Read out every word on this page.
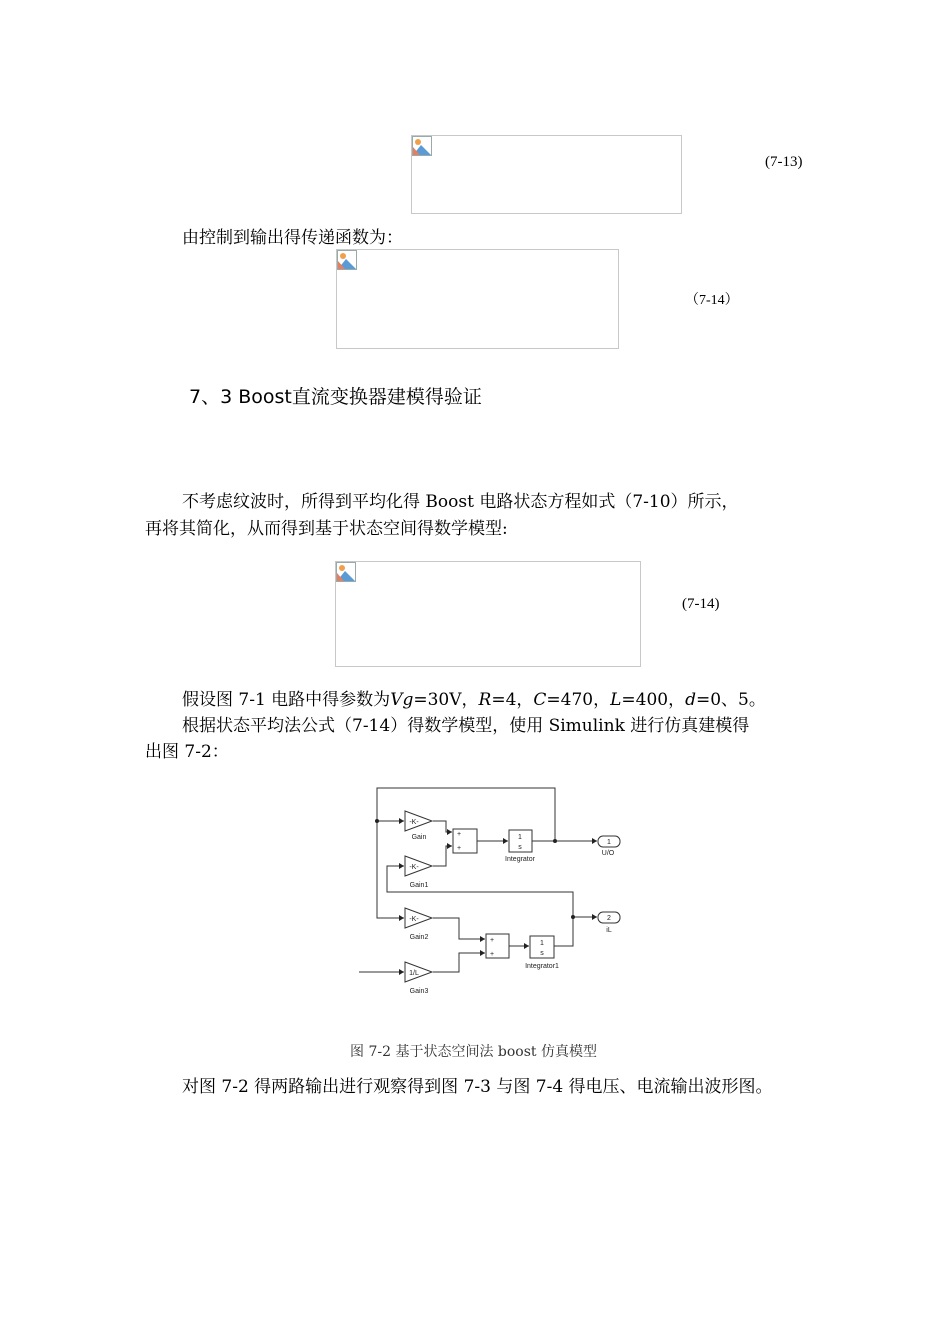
(7-13)
由控制到输出得传递函数为：
（7-14）
7、3 Boost直流变换器建模得验证
不考虑纹波时，所得到平均化得 Boost 电路状态方程如式（7-10）所示，
再将其简化，从而得到基于状态空间得数学模型:
(7-14)
假设图 7-1 电路中得参数为Vg=30V，R=4，C=470，L=400，d=0、5。
根据状态平均法公式（7-14）得数学模型，使用 Simulink 进行仿真建模得
出图 7-2：
-K-
-K-
-K-
1/L
+
+
+
+
1
s
1
s
1
2
Gain
Gain1
Gain2
Gain3
Integrator
Integrator1
U/O
iL
图 7-2 基于状态空间法 boost 仿真模型
对图 7-2 得两路输出进行观察得到图 7-3 与图 7-4 得电压、电流输出波形图。
